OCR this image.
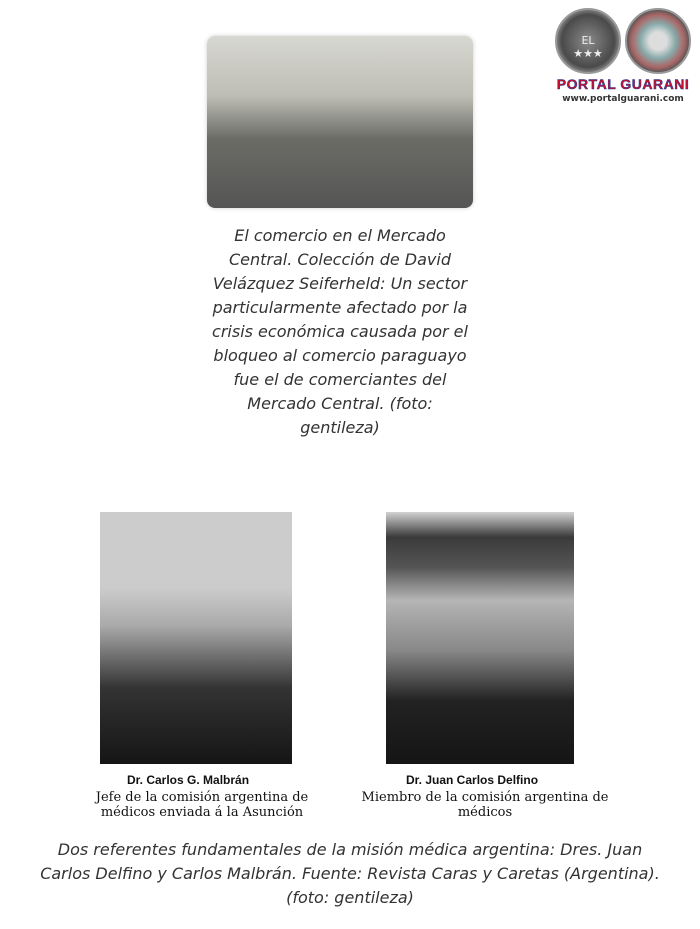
EL
★★★
PORTAL GUARANI
www.portalguarani.com
El comercio en el Mercado Central. Colección de David Velázquez Seiferheld: Un sector particularmente afectado por la crisis económica causada por el bloqueo al comercio paraguayo fue el de comerciantes del Mercado Central. (foto: gentileza)
Dr. Carlos G. Malbrán	Dr. Juan Carlos Delfino
Jefe de la comisión argentina de médicos enviada á la Asunción
Miembro de la comisión argentina de médicos
Dos referentes fundamentales de la misión médica argentina: Dres. Juan Carlos Delfino y Carlos Malbrán. Fuente: Revista Caras y Caretas (Argentina). (foto: gentileza)
